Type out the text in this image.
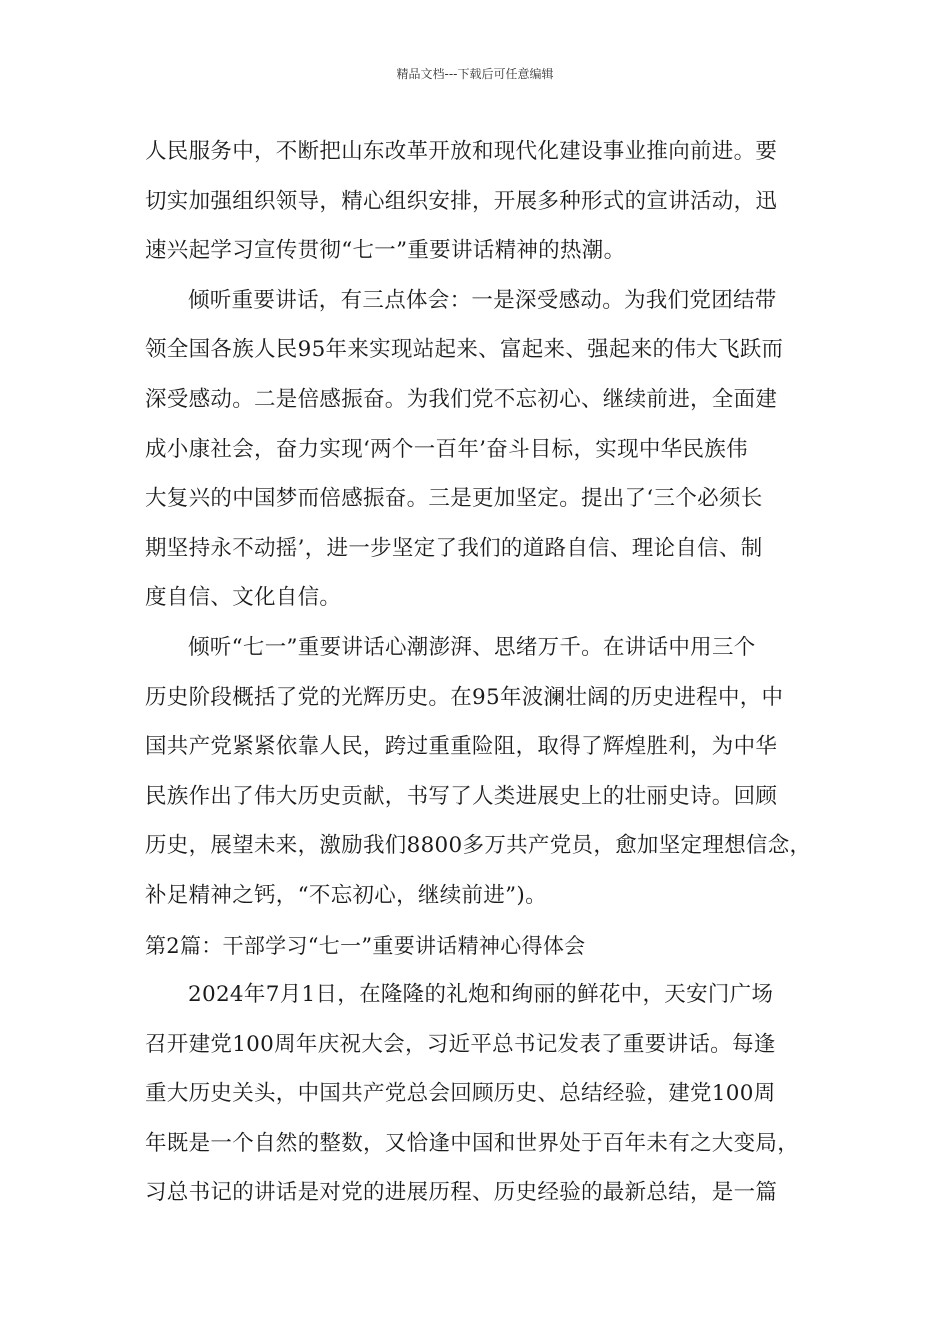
精品文档---下载后可任意编辑
人民服务中，不断把山东改革开放和现代化建设事业推向前进。要
切实加强组织领导，精心组织安排，开展多种形式的宣讲活动，迅
速兴起学习宣传贯彻“七一”重要讲话精神的热潮。
倾听重要讲话，有三点体会：一是深受感动。为我们党团结带
领全国各族人民95年来实现站起来、富起来、强起来的伟大飞跃而
深受感动。二是倍感振奋。为我们党不忘初心、继续前进，全面建
成小康社会，奋力实现‘两个一百年’奋斗目标，实现中华民族伟
大复兴的中国梦而倍感振奋。三是更加坚定。提出了‘三个必须长
期坚持永不动摇’，进一步坚定了我们的道路自信、理论自信、制
度自信、文化自信。
倾听“七一”重要讲话心潮澎湃、思绪万千。在讲话中用三个
历史阶段概括了党的光辉历史。在95年波澜壮阔的历史进程中，中
国共产党紧紧依靠人民，跨过重重险阻，取得了辉煌胜利，为中华
民族作出了伟大历史贡献，书写了人类进展史上的壮丽史诗。回顾
历史，展望未来，激励我们8800多万共产党员，愈加坚定理想信念，
补足精神之钙，“不忘初心，继续前进”)。
第2篇：干部学习“七一”重要讲话精神心得体会
2024年7月1日，在隆隆的礼炮和绚丽的鲜花中，天安门广场
召开建党100周年庆祝大会，习近平总书记发表了重要讲话。每逢
重大历史关头，中国共产党总会回顾历史、总结经验，建党100周
年既是一个自然的整数，又恰逢中国和世界处于百年未有之大变局，
习总书记的讲话是对党的进展历程、历史经验的最新总结，是一篇
